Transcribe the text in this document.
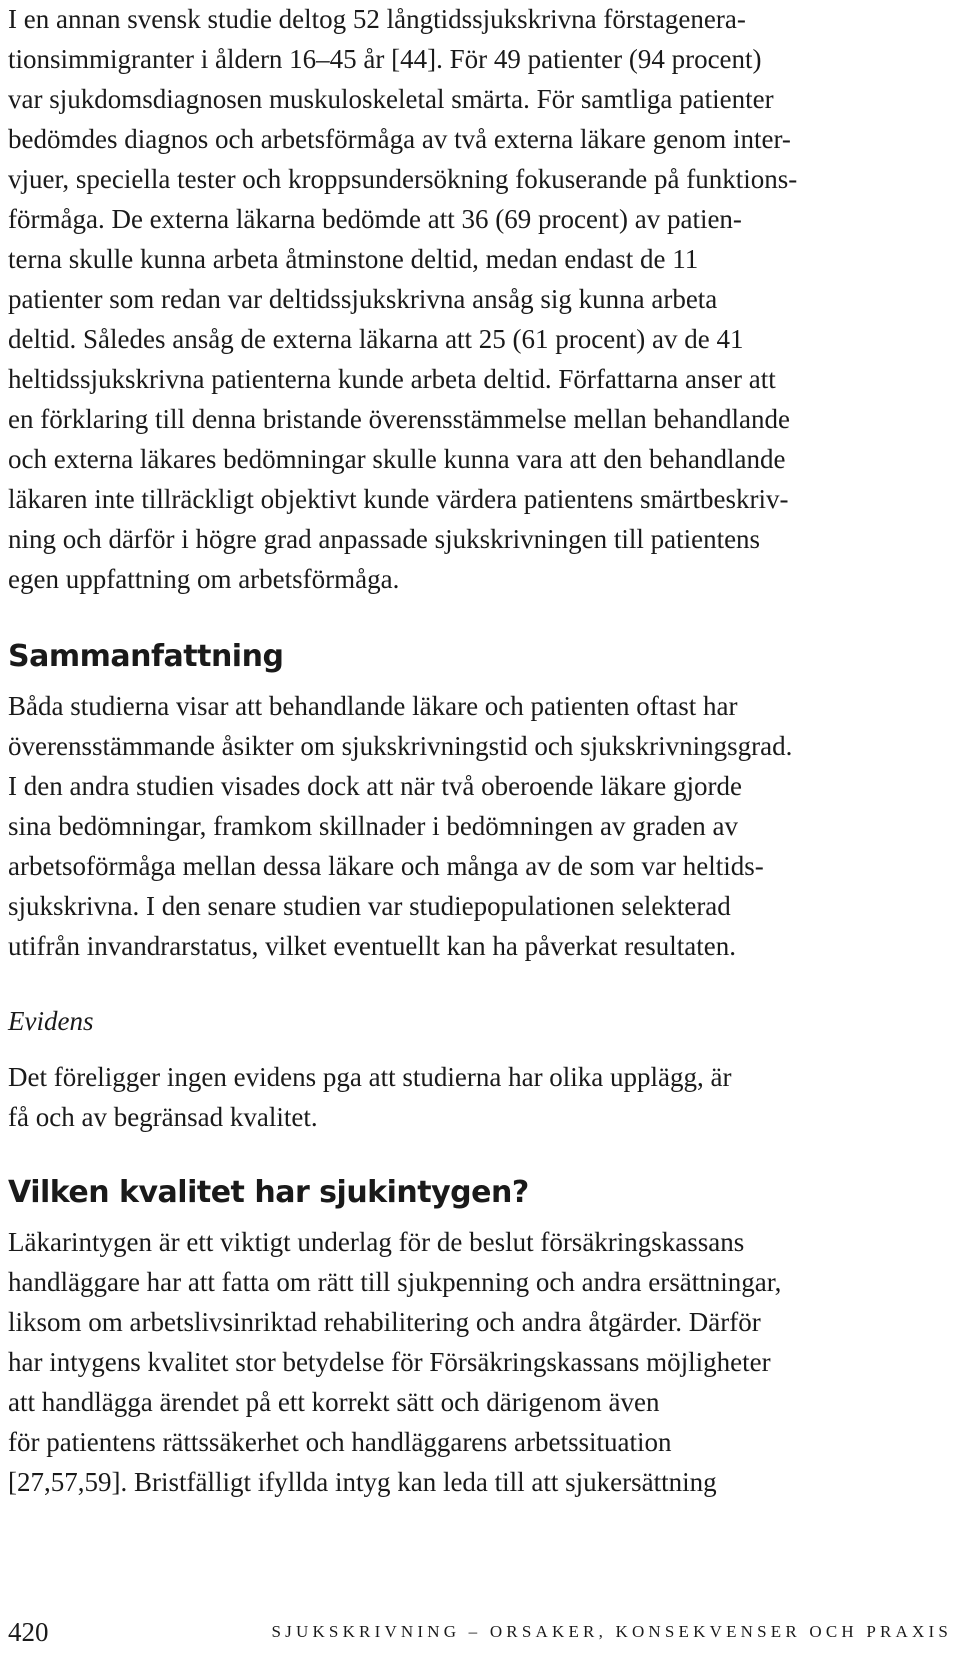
I en annan svensk studie deltog 52 långtidssjukskrivna förstagenera-
tionsimmigranter i åldern 16–45 år [44]. För 49 patienter (94 procent)
var sjukdomsdiagnosen muskuloskeletal smärta. För samtliga patienter
bedömdes diagnos och arbetsförmåga av två externa läkare genom inter-
vjuer, speciella tester och kroppsundersökning fokuserande på funktions-
förmåga. De externa läkarna bedömde att 36 (69 procent) av patien-
terna skulle kunna arbeta åtminstone deltid, medan endast de 11
patienter som redan var deltidssjukskrivna ansåg sig kunna arbeta
deltid. Således ansåg de externa läkarna att 25 (61 procent) av de 41
heltidssjukskrivna patienterna kunde arbeta deltid. Författarna anser att
en förklaring till denna bristande överensstämmelse mellan behandlande
och externa läkares bedömningar skulle kunna vara att den behandlande
läkaren inte tillräckligt objektivt kunde värdera patientens smärtbeskriv-
ning och därför i högre grad anpassade sjukskrivningen till patientens
egen uppfattning om arbetsförmåga.
Sammanfattning
Båda studierna visar att behandlande läkare och patienten oftast har
överensstämmande åsikter om sjukskrivningstid och sjukskrivningsgrad.
I den andra studien visades dock att när två oberoende läkare gjorde
sina bedömningar, framkom skillnader i bedömningen av graden av
arbetsoförmåga mellan dessa läkare och många av de som var heltids-
sjukskrivna. I den senare studien var studiepopulationen selekterad
utifrån invandrarstatus, vilket eventuellt kan ha påverkat resultaten.
Evidens
Det föreligger ingen evidens pga att studierna har olika upplägg, är
få och av begränsad kvalitet.
Vilken kvalitet har sjukintygen?
Läkarintygen är ett viktigt underlag för de beslut försäkringskassans
handläggare har att fatta om rätt till sjukpenning och andra ersättningar,
liksom om arbetslivsinriktad rehabilitering och andra åtgärder. Därför
har intygens kvalitet stor betydelse för Försäkringskassans möjligheter
att handlägga ärendet på ett korrekt sätt och därigenom även
för patientens rättssäkerhet och handläggarens arbetssituation
[27,57,59]. Bristfälligt ifyllda intyg kan leda till att sjukersättning
420	SJUKSKRIVNING – ORSAKER, KONSEKVENSER OCH PRAXIS
